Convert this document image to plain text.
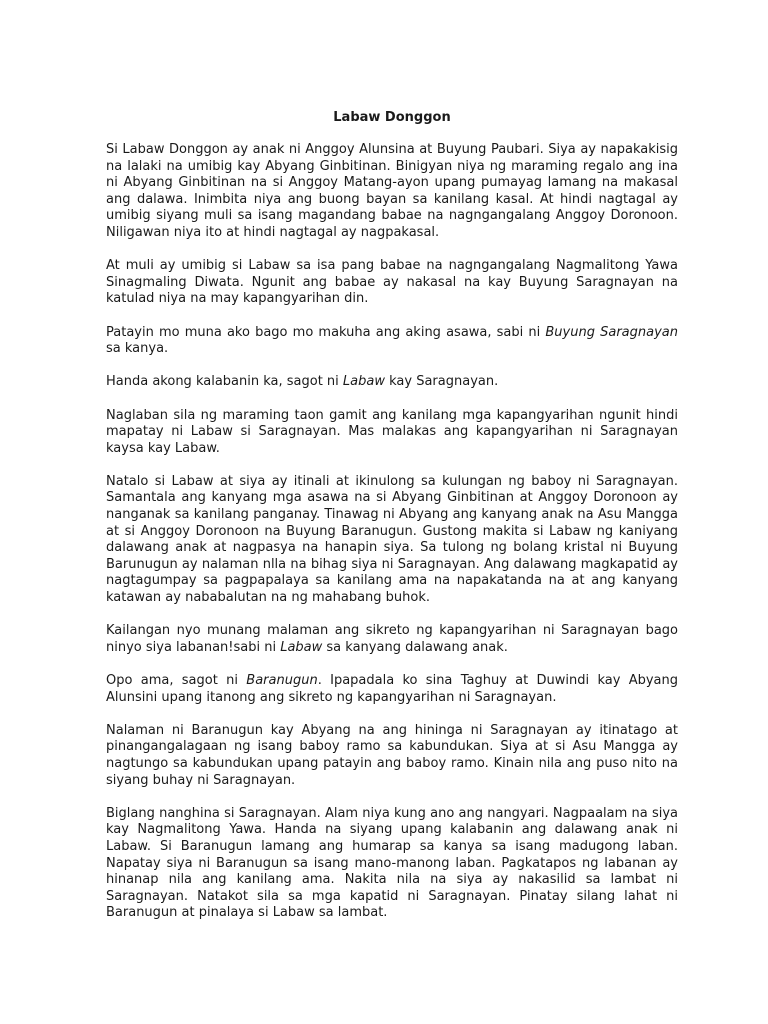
Labaw Donggon

Si Labaw Donggon ay anak ni Anggoy Alunsina at Buyung Paubari. Siya ay napakakisig na lalaki na umibig kay Abyang Ginbitinan. Binigyan niya ng maraming regalo ang ina ni Abyang Ginbitinan na si Anggoy Matang-ayon upang pumayag lamang na makasal ang dalawa. Inimbita niya ang buong bayan sa kanilang kasal. At hindi nagtagal ay umibig siyang muli sa isang magandang babae na nagngangalang Anggoy Doronoon. Niligawan niya ito at hindi nagtagal ay nagpakasal.

At muli ay umibig si Labaw sa isa pang babae na nagngangalang Nagmalitong Yawa Sinagmaling Diwata. Ngunit ang babae ay nakasal na kay Buyung Saragnayan na katulad niya na may kapangyarihan din.

Patayin mo muna ako bago mo makuha ang aking asawa, sabi ni Buyung Saragnayan sa kanya.

Handa akong kalabanin ka, sagot ni Labaw kay Saragnayan.

Naglaban sila ng maraming taon gamit ang kanilang mga kapangyarihan ngunit hindi mapatay ni Labaw si Saragnayan. Mas malakas ang kapangyarihan ni Saragnayan kaysa kay Labaw.

Natalo si Labaw at siya ay itinali at ikinulong sa kulungan ng baboy ni Saragnayan. Samantala ang kanyang mga asawa na si Abyang Ginbitinan at Anggoy Doronoon ay nanganak sa kanilang panganay. Tinawag ni Abyang ang kanyang anak na Asu Mangga at si Anggoy Doronoon na Buyung Baranugun. Gustong makita si Labaw ng kaniyang dalawang anak at nagpasya na hanapin siya. Sa tulong ng bolang kristal ni Buyung Barunugun ay nalaman nlla na bihag siya ni Saragnayan. Ang dalawang magkapatid ay nagtagumpay sa pagpapalaya sa kanilang ama na napakatanda na at ang kanyang katawan ay nababalutan na ng mahabang buhok.

Kailangan nyo munang malaman ang sikreto ng kapangyarihan ni Saragnayan bago ninyo siya labanan!sabi ni Labaw sa kanyang dalawang anak.

Opo ama, sagot ni Baranugun. Ipapadala ko sina Taghuy at Duwindi kay Abyang Alunsini upang itanong ang sikreto ng kapangyarihan ni Saragnayan.

Nalaman ni Baranugun kay Abyang na ang hininga ni Saragnayan ay itinatago at pinangangalagaan ng isang baboy ramo sa kabundukan. Siya at si Asu Mangga ay nagtungo sa kabundukan upang patayin ang baboy ramo. Kinain nila ang puso nito na siyang buhay ni Saragnayan.

Biglang nanghina si Saragnayan. Alam niya kung ano ang nangyari. Nagpaalam na siya kay Nagmalitong Yawa. Handa na siyang upang kalabanin ang dalawang anak ni Labaw. Si Baranugun lamang ang humarap sa kanya sa isang madugong laban. Napatay siya ni Baranugun sa isang mano-manong laban. Pagkatapos ng labanan ay hinanap nila ang kanilang ama. Nakita nila na siya ay nakasilid sa lambat ni Saragnayan. Natakot sila sa mga kapatid ni Saragnayan. Pinatay silang lahat ni Baranugun at pinalaya si Labaw sa lambat.
